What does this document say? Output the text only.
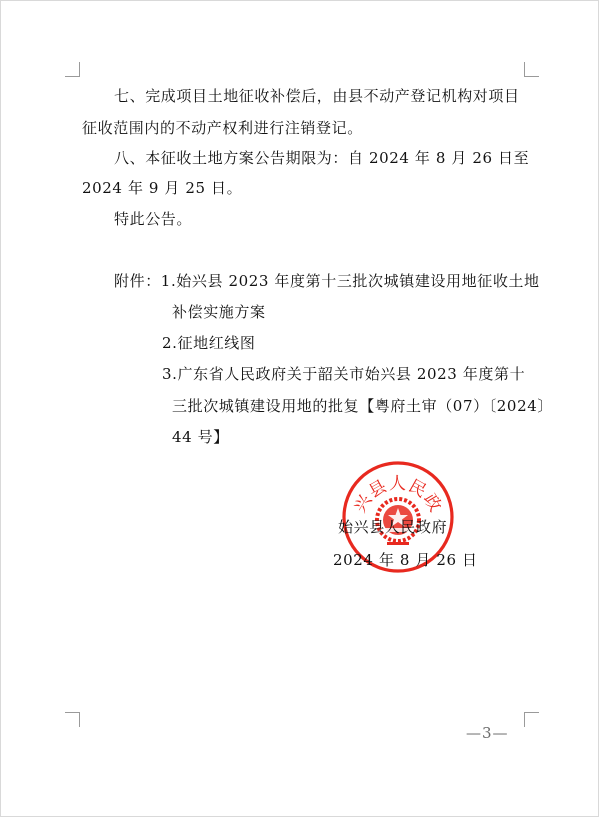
七、完成项目土地征收补偿后，由县不动产登记机构对项目
征收范围内的不动产权利进行注销登记。
八、本征收土地方案公告期限为：自 2024 年 8 月 26 日至
2024 年 9 月 25 日。
特此公告。
附件：1.始兴县 2023 年度第十三批次城镇建设用地征收土地
补偿实施方案
2.征地红线图
3.广东省人民政府关于韶关市始兴县 2023 年度第十
三批次城镇建设用地的批复【粤府土审（07）〔2024〕
44 号】
兴县人民政
始兴县人民政府
2024 年 8 月 26 日
—3—
